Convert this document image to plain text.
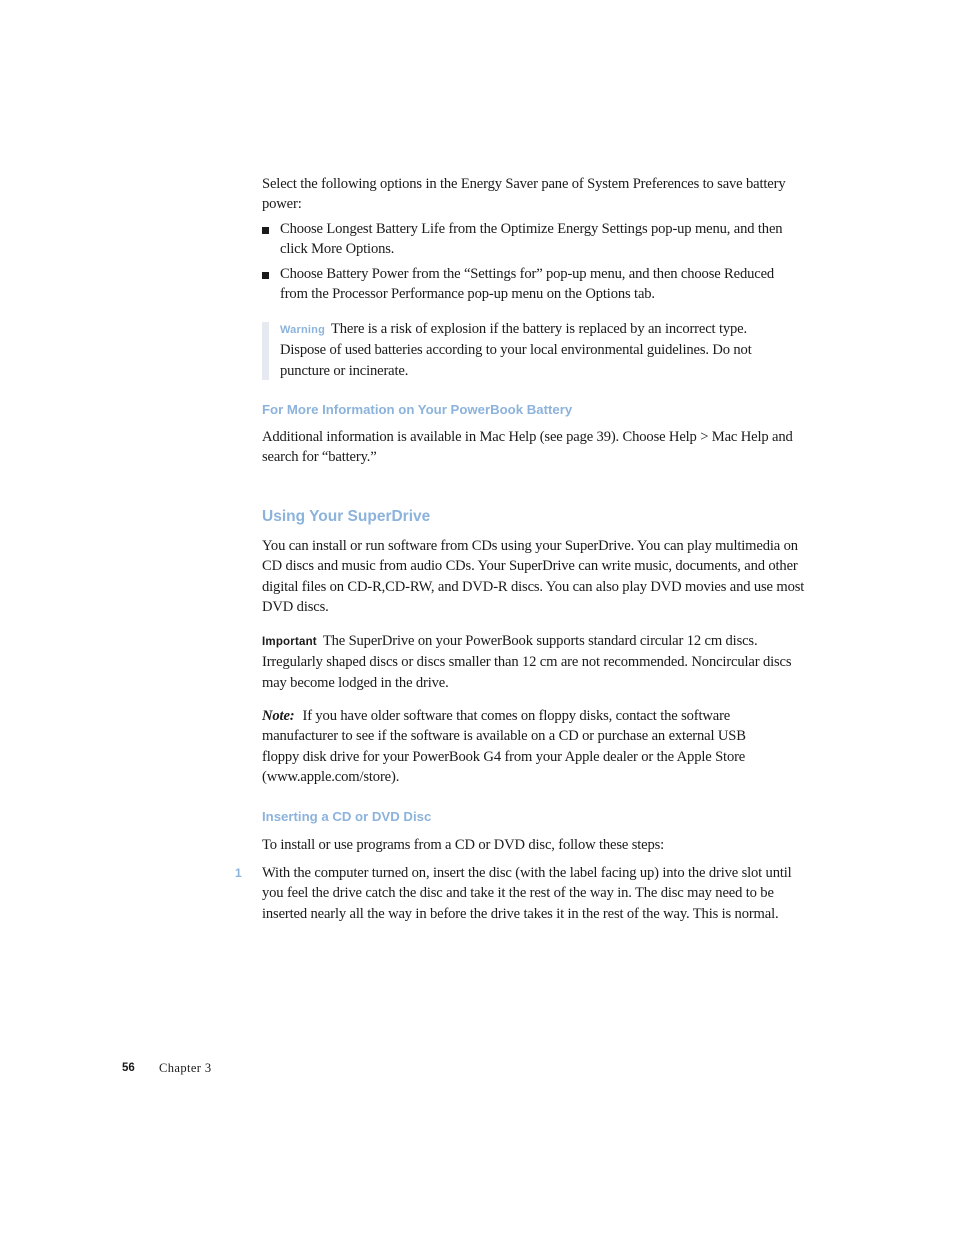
Select the following options in the Energy Saver pane of System Preferences to save battery power:
Choose Longest Battery Life from the Optimize Energy Settings pop-up menu, and then click More Options.
Choose Battery Power from the “Settings for” pop-up menu, and then choose Reduced from the Processor Performance pop-up menu on the Options tab.
Warning There is a risk of explosion if the battery is replaced by an incorrect type. Dispose of used batteries according to your local environmental guidelines. Do not puncture or incinerate.
For More Information on Your PowerBook Battery
Additional information is available in Mac Help (see page 39). Choose Help > Mac Help and search for “battery.”
Using Your SuperDrive
You can install or run software from CDs using your SuperDrive. You can play multimedia on CD discs and music from audio CDs. Your SuperDrive can write music, documents, and other digital files on CD-R,CD-RW, and DVD-R discs. You can also play DVD movies and use most DVD discs.
Important The SuperDrive on your PowerBook supports standard circular 12 cm discs. Irregularly shaped discs or discs smaller than 12 cm are not recommended. Noncircular discs may become lodged in the drive.
Note: If you have older software that comes on floppy disks, contact the software manufacturer to see if the software is available on a CD or purchase an external USB floppy disk drive for your PowerBook G4 from your Apple dealer or the Apple Store (www.apple.com/store).
Inserting a CD or DVD Disc
To install or use programs from a CD or DVD disc, follow these steps:
1 With the computer turned on, insert the disc (with the label facing up) into the drive slot until you feel the drive catch the disc and take it the rest of the way in. The disc may need to be inserted nearly all the way in before the drive takes it in the rest of the way. This is normal.
56 Chapter 3
